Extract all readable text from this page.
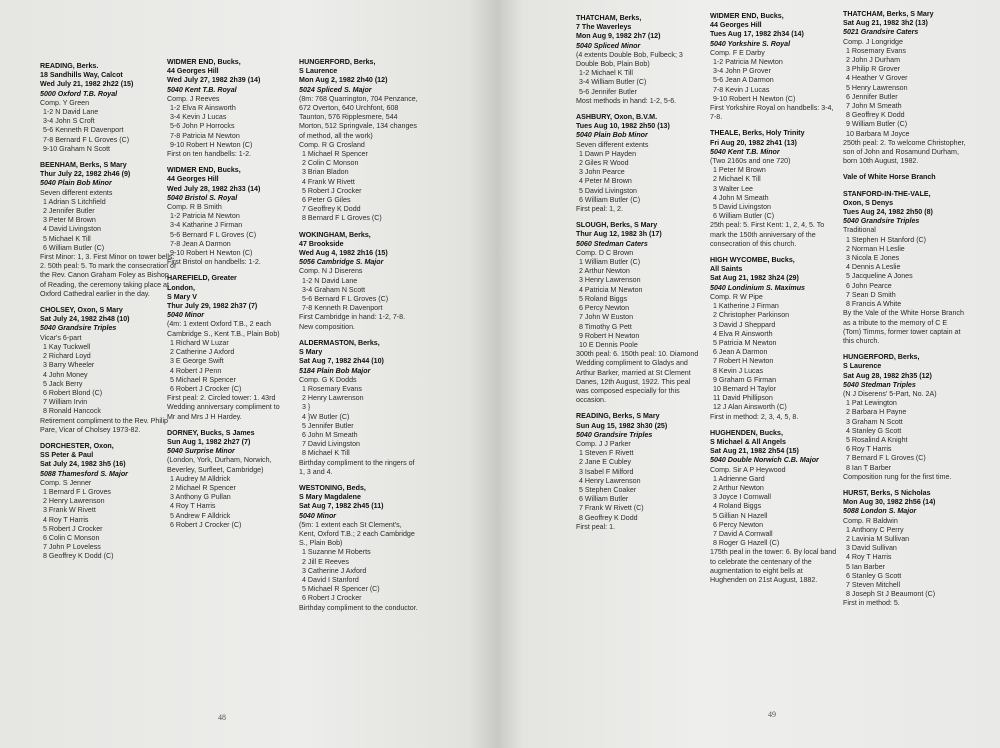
READING, Berks.
18 Sandhills Way, Calcot
Wed July 21, 1982 2h22 (15)
5000 Oxford T.B. Royal
Comp. Y Green
1-2 N David Lane
3-4 John S Croft
5-6 Kenneth R Davenport
7-8 Bernard F L Groves (C)
9-10 Graham N Scott
BEENHAM, Berks, S Mary
Thur July 22, 1982 2h46 (9)
5040 Plain Bob Minor
Seven different extents
1 Adrian S Litchfield
2 Jennifer Butler
3 Peter M Brown
4 David Livingston
5 Michael K Till
6 William Butler (C)
First Minor: 1, 3. First Minor on tower bells: 2. 50th peal: 5. To mark the consecration of the Rev. Canon Graham Foley as Bishop of Reading, the ceremony taking place at Oxford Cathedral earlier in the day.
CHOLSEY, Oxon, S Mary
Sat July 24, 1982 2h48 (10)
5040 Grandsire Triples
Vicar's 6-part
1 Kay Tuckwell
2 Richard Loyd
3 Barry Wheeler
4 John Money
5 Jack Berry
6 Robert Blond (C)
7 William Irvin
8 Ronald Hancock
Retirement compliment to the Rev. Philip Pare, Vicar of Cholsey 1973-82.
DORCHESTER, Oxon,
SS Peter & Paul
Sat July 24, 1982 3h5 (16)
5088 Thamesford S. Major
Comp. S Jenner
1 Bernard F L Groves
2 Henry Lawrenson
3 Frank W Rivett
4 Roy T Harris
5 Robert J Crocker
6 Colin C Monson
7 John P Loveless
8 Geoffrey K Dodd (C)
WIDMER END, Bucks,
44 Georges Hill
Wed July 27, 1982 2h39 (14)
5040 Kent T.B. Royal
Comp. J Reeves
1-2 Elva R Ainsworth
3-4 Kevin J Lucas
5-6 John P Horrocks
7-8 Patricia M Newton
9-10 Robert H Newton (C)
First on ten handbells: 1-2.
WIDMER END, Bucks,
44 Georges Hill
Wed July 28, 1982 2h33 (14)
5040 Bristol S. Royal
Comp. R B Smith
1-2 Patricia M Newton
3-4 Katharine J Firman
5-6 Bernard F L Groves (C)
7-8 Jean A Darmon
9-10 Robert H Newton (C)
First Bristol on handbells: 1-2.
HAREFIELD, Greater
London,
S Mary V
Thur July 29, 1982 2h37 (7)
5040 Minor
(4m: 1 extent Oxford T.B., 2 each Cambridge S., Kent T.B., Plain Bob)
1 Richard W Luzar
2 Catherine J Axford
3 E George Swift
4 Robert J Penn
5 Michael R Spencer
6 Robert J Crocker (C)
First peal: 2. Circled tower: 1. 43rd Wedding anniversary compliment to Mr and Mrs J H Hardey.
DORNEY, Bucks, S James
Sun Aug 1, 1982 2h27 (7)
5040 Surprise Minor
(London, York, Durham, Norwich, Beverley, Surfleet, Cambridge)
1 Audrey M Alldrick
2 Michael R Spencer
3 Anthony G Pullan
4 Roy T Harris
5 Andrew F Alldrick
6 Robert J Crocker (C)
HUNGERFORD, Berks,
S Laurence
Mon Aug 2, 1982 2h40 (12)
5024 Spliced S. Major
(8m: 768 Quarrington, 704 Penzance, 672 Overton, 640 Urchfont, 608 Taunton, 576 Ripplesmere, 544 Morton, 512 Springvale, 134 changes of method, all the work)
Comp. R G Crosland
1 Michael R Spencer
2 Colin C Monson
3 Brian Bladon
4 Frank W Rivett
5 Robert J Crocker
6 Peter G Giles
7 Geoffrey K Dodd
8 Bernard F L Groves (C)
WOKINGHAM, Berks,
47 Brookside
Wed Aug 4, 1982 2h16 (15)
5056 Cambridge S. Major
Comp. N J Diserens
1-2 N David Lane
3-4 Graham N Scott
5-6 Bernard F L Groves (C)
7-8 Kenneth R Davenport
First Cambridge in hand: 1-2, 7-8. New composition.
ALDERMASTON, Berks,
S Mary
Sat Aug 7, 1982 2h44 (10)
5184 Plain Bob Major
Comp. G K Dodds
1 Rosemary Evans
2 Henry Lawrenson
3 }
4 }W Butler (C)
5 Jennifer Butler
6 John M Smeath
7 David Livingston
8 Michael K Till
Birthday compliment to the ringers of 1, 3 and 4.
WESTONING, Beds,
S Mary Magdalene
Sat Aug 7, 1982 2h45 (11)
5040 Minor
(5m: 1 extent each St Clement's, Kent, Oxford T.B.; 2 each Cambridge S., Plain Bob)
1 Suzanne M Roberts
2 Jill E Reeves
3 Catherine J Axford
4 David I Stanford
5 Michael R Spencer (C)
6 Robert J Crocker
Birthday compliment to the conductor.
48
THATCHAM, Berks,
7 The Waverleys
Mon Aug 9, 1982 2h7 (12)
5040 Spliced Minor
(4 extents Double Bob, Fulbeck; 3 Double Bob, Plain Bob)
1-2 Michael K Till
3-4 William Butler (C)
5-6 Jennifer Butler
Most methods in hand: 1-2, 5-6.
ASHBURY, Oxon, B.V.M.
Tues Aug 10, 1982 2h50 (13)
5040 Plain Bob Minor
Seven different extents
1 Dawn P Hayden
2 Giles R Wood
3 John Pearce
4 Peter M Brown
5 David Livingston
6 William Butler (C)
First peal: 1, 2.
SLOUGH, Berks, S Mary
Thur Aug 12, 1982 3h (17)
5060 Stedman Caters
Comp. D C Brown
1 William Butler (C)
2 Arthur Newton
3 Henry Lawrenson
4 Patricia M Newton
5 Roland Biggs
6 Percy Newton
7 John W Euston
8 Timothy G Pett
9 Robert H Newton
10 E Dennis Poole
300th peal: 6. 150th peal: 10. Diamond Wedding compliment to Gladys and Arthur Barker, married at St Clement Danes, 12th August, 1922. This peal was composed especially for this occasion.
READING, Berks, S Mary
Sun Aug 15, 1982 3h30 (25)
5040 Grandsire Triples
Comp. J J Parker
1 Steven F Rivett
2 Jane E Cubley
3 Isabel F Milford
4 Henry Lawrenson
5 Stephen Coaker
6 William Butler
7 Frank W Rivett (C)
8 Geoffrey K Dodd
First peal: 1.
WIDMER END, Bucks,
44 Georges Hill
Tues Aug 17, 1982 2h34 (14)
5040 Yorkshire S. Royal
Comp. F E Darby
1-2 Patricia M Newton
3-4 John P Grover
5-6 Jean A Darmon
7-8 Kevin J Lucas
9-10 Robert H Newton (C)
First Yorkshire Royal on handbells: 3-4, 7-8.
THEALE, Berks, Holy Trinity
Fri Aug 20, 1982 2h41 (13)
5040 Kent T.B. Minor
(Two 2160s and one 720)
1 Peter M Brown
2 Michael K Till
3 Walter Lee
4 John M Smeath
5 David Livingston
6 William Butler (C)
25th peal: 5. First Kent: 1, 2, 4, 5. To mark the 150th anniversary of the consecration of this church.
HIGH WYCOMBE, Bucks,
All Saints
Sat Aug 21, 1982 3h24 (29)
5040 Londinium S. Maximus
Comp. R W Pipe
1 Katherine J Firman
2 Christopher Parkinson
3 David J Sheppard
4 Elva R Ainsworth
5 Patricia M Newton
6 Jean A Darmon
7 Robert H Newton
8 Kevin J Lucas
9 Graham G Firman
10 Bernard H Taylor
11 David Phillipson
12 J Alan Ainsworth (C)
First in method: 2, 3, 4, 5, 8.
HUGHENDEN, Bucks,
S Michael & All Angels
Sat Aug 21, 1982 2h54 (15)
5040 Double Norwich C.B. Major
Comp. Sir A P Heywood
1 Adrienne Gard
2 Arthur Newton
3 Joyce I Cornwall
4 Roland Biggs
5 Gillian N Hazell
6 Percy Newton
7 David A Cornwall
8 Roger G Hazell (C)
175th peal in the tower: 6. By local band to celebrate the centenary of the augmentation to eight bells at Hughenden on 21st August, 1882.
THATCHAM, Berks, S Mary
Sat Aug 21, 1982 3h2 (13)
5021 Grandsire Caters
Comp. J Longridge
1 Rosemary Evans
2 John J Durham
3 Philip R Grover
4 Heather V Grover
5 Henry Lawrenson
6 Jennifer Butler
7 John M Smeath
8 Geoffrey K Dodd
9 William Butler (C)
10 Barbara M Joyce
250th peal: 2. To welcome Christopher, son of John and Rosamund Durham, born 10th August, 1982.
Vale of White Horse Branch
STANFORD-IN-THE-VALE,
Oxon, S Denys
Tues Aug 24, 1982 2h50 (8)
5040 Grandsire Triples
Traditional
1 Stephen H Stanford (C)
2 Norman H Leslie
3 Nicola E Jones
4 Dennis A Leslie
5 Jacqueline A Jones
6 John Pearce
7 Sean D Smith
8 Francis A White
By the Vale of the White Horse Branch as a tribute to the memory of C E (Tom) Timms, former tower captain at this church.
HUNGERFORD, Berks,
S Laurence
Sat Aug 28, 1982 2h35 (12)
5040 Stedman Triples
(N J Diserens' 5-Part, No. 2A)
1 Pat Lewington
2 Barbara H Payne
3 Graham N Scott
4 Stanley G Scott
5 Rosalind A Knight
6 Roy T Harris
7 Bernard F L Groves (C)
8 Ian T Barber
Composition rung for the first time.
HURST, Berks, S Nicholas
Mon Aug 30, 1982 2h56 (14)
5088 London S. Major
Comp. R Baldwin
1 Anthony C Perry
2 Lavinia M Sullivan
3 David Sullivan
4 Roy T Harris
5 Ian Barber
6 Stanley G Scott
7 Steven Mitchell
8 Joseph St J Beaumont (C)
First in method: 5.
49
